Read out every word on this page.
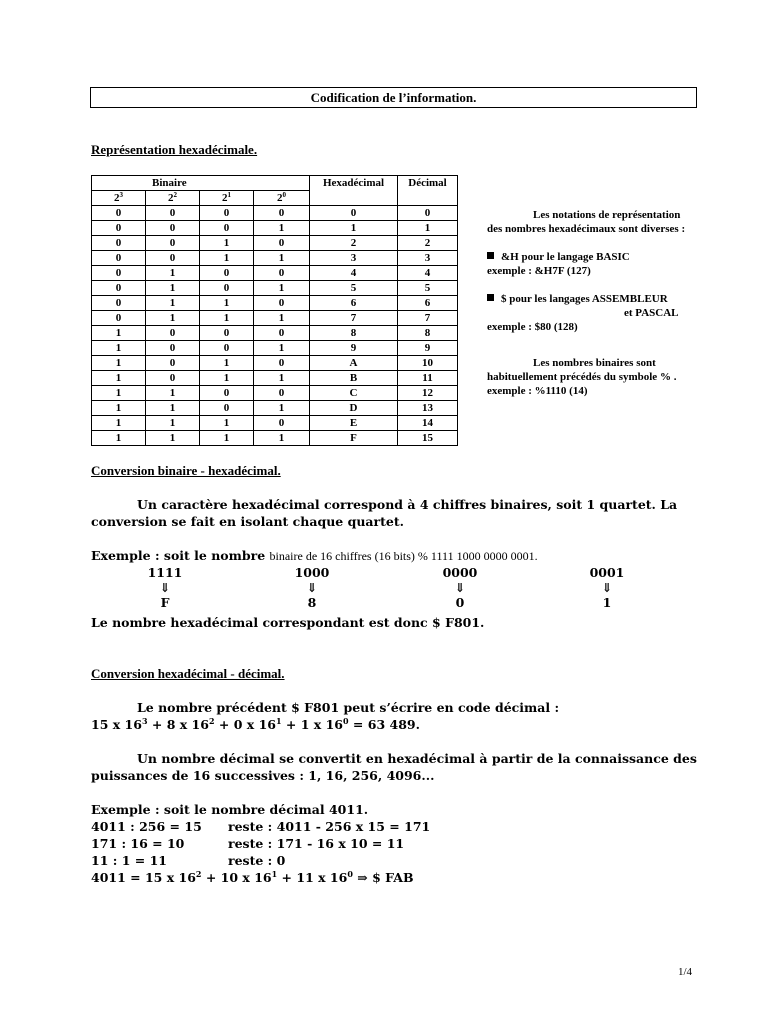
Codification de l’information.
Représentation hexadécimale.
Binaire				Hexadécimal	Décimal
$2^3$	$2^2$	$2^1$	$2^0$
0	0	0	0	0	0
0	0	0	1	1	1
0	0	1	0	2	2
0	0	1	1	3	3
0	1	0	0	4	4
0	1	0	1	5	5
0	1	1	0	6	6
0	1	1	1	7	7
1	0	0	0	8	8
1	0	0	1	9	9
1	0	1	0	A	10
1	0	1	1	B	11
1	1	0	0	C	12
1	1	0	1	D	13
1	1	1	0	E	14
1	1	1	1	F	15
Les notations de représentation
des nombres hexadécimaux sont diverses :
&H pour le langage BASIC
exemple : &H7F (127)
$ pour les langages ASSEMBLEUR
et PASCAL
exemple : $80 (128)
Les nombres binaires sont
habituellement précédés du symbole % .
exemple : %1110 (14)
Conversion binaire - hexadécimal.
Un caractère hexadécimal correspond à 4 chiffres binaires, soit 1 quartet. La
conversion se fait en isolant chaque quartet.
Exemple : soit le nombre binaire de 16 chiffres (16 bits) % 1111 1000 0000 0001.
1111
⇓
F
1000
⇓
8
0000
⇓
0
0001
⇓
1
Le nombre hexadécimal correspondant est donc $ F801.
Conversion hexadécimal - décimal.
Le nombre précédent $ F801 peut s’écrire en code décimal :
15 x $16^3 + 8$ x $16^2 + 0$ x $16^1 + 1$ x $16^0 = 63$ 489.
Un nombre décimal se convertit en hexadécimal à partir de la connaissance des
puissances de 16 successives : 1, 16, 256, 4096...
Exemple : soit le nombre décimal 4011.
4011 : 256 = 15 reste : 4011 - 256 x 15 = 171
171 : 16 = 10	reste : 171 - 16 x 10 = 11
11 : 1 = 11	reste : 0
4011 = 15 x $16^2 + 10$ x $16^1 + 11$ x $16^0$ ⇒ $ FAB
1/4
